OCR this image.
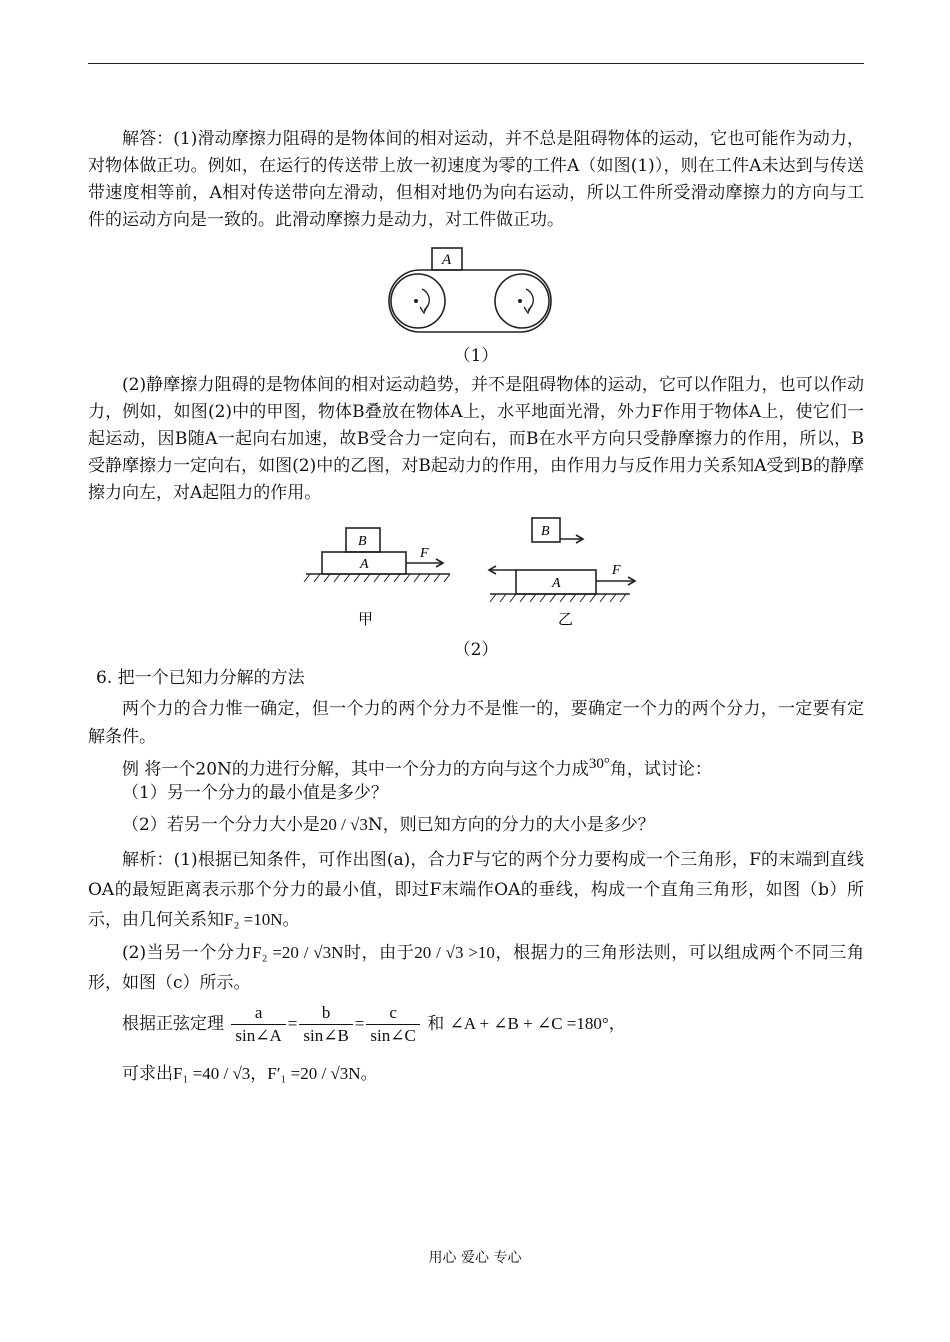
解答：(1)滑动摩擦力阻碍的是物体间的相对运动，并不总是阻碍物体的运动，它也可能作为动力，对物体做正功。例如，在运行的传送带上放一初速度为零的工件A（如图(1)），则在工件A未达到与传送带速度相等前，A相对传送带向左滑动，但相对地仍为向右运动，所以工件所受滑动摩擦力的方向与工件的运动方向是一致的。此滑动摩擦力是动力，对工件做正功。

A
（1）

(2)静摩擦力阻碍的是物体间的相对运动趋势，并不是阻碍物体的运动，它可以作阻力，也可以作动力，例如，如图(2)中的甲图，物体B叠放在物体A上，水平地面光滑，外力F作用于物体A上，使它们一起运动，因B随A一起向右加速，故B受合力一定向右，而B在水平方向只受静摩擦力的作用，所以，B受静摩擦力一定向右，如图(2)中的乙图，对B起动力的作用，由作用力与反作用力关系知A受到B的静摩擦力向左，对A起阻力的作用。

A
B
F
甲
B
A
F
乙
（2）

6. 把一个已知力分解的方法

两个力的合力惟一确定，但一个力的两个分力不是惟一的，要确定一个力的两个分力，一定要有定解条件。

例 将一个20N的力进行分解，其中一个分力的方向与这个力成$^{30^\circ}$角，试讨论：

（1）另一个分力的最小值是多少？

（2）若另一个分力大小是20 / √3N，则已知方向的分力的大小是多少？

解析：(1)根据已知条件，可作出图(a)，合力F与它的两个分力要构成一个三角形，F的末端到直线OA的最短距离表示那个分力的最小值，即过F末端作OA的垂线，构成一个直角三角形，如图（b）所示，由几何关系知F₂ =10N。

(2)当另一个分力F₂ =20 / √3N时，由于20 / √3 >10，根据力的三角形法则，可以组成两个不同三角形，如图（c）所示。

根据正弦定理 $\frac{a}{\sin\angle A} = \frac{b}{\sin\angle B} = \frac{c}{\sin\angle C}$ 和 ∠A + ∠B + ∠C =180°，

可求出F₁ =40 / √3，F′₁ =20 / √3N。

用心 爱心 专心
